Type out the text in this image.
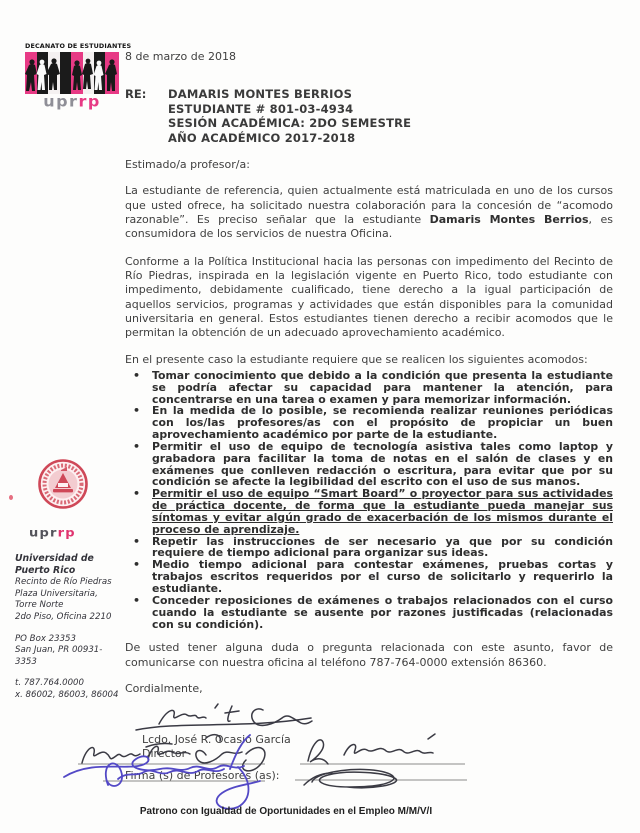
DECANATO DE ESTUDIANTES
uprrp
uprrp
Universidad de Puerto Rico
Recinto de Río Piedras
Plaza Universitaria, Torre Norte
2do Piso, Oficina 2210
PO Box 23353
San Juan, PR 00931-3353
t. 787.764.0000
x. 86002, 86003, 86004
8 de marzo de 2018
RE:	DAMARIS MONTES BERRIOS
ESTUDIANTE # 801-03-4934
SESIÓN ACADÉMICA: 2DO SEMESTRE
AÑO ACADÉMICO 2017-2018
Estimado/a profesor/a:

La estudiante de referencia, quien actualmente está matriculada en uno de los cursos que usted ofrece, ha solicitado nuestra colaboración para la concesión de “acomodo razonable”. Es preciso señalar que la estudiante Damaris Montes Berrios, es consumidora de los servicios de nuestra Oficina.

Conforme a la Política Institucional hacia las personas con impedimento del Recinto de Río Piedras, inspirada en la legislación vigente en Puerto Rico, todo estudiante con impedimento, debidamente cualificado, tiene derecho a la igual participación de aquellos servicios, programas y actividades que están disponibles para la comunidad universitaria en general. Estos estudiantes tienen derecho a recibir acomodos que le permitan la obtención de un adecuado aprovechamiento académico.

En el presente caso la estudiante requiere que se realicen los siguientes acomodos:
• Tomar conocimiento que debido a la condición que presenta la estudiante se podría afectar su capacidad para mantener la atención, para concentrarse en una tarea o examen y para memorizar información.
• En la medida de lo posible, se recomienda realizar reuniones periódicas con los/las profesores/as con el propósito de propiciar un buen aprovechamiento académico por parte de la estudiante.
• Permitir el uso de equipo de tecnología asistiva tales como laptop y grabadora para facilitar la toma de notas en el salón de clases y en exámenes que conlleven redacción o escritura, para evitar que por su condición se afecte la legibilidad del escrito con el uso de sus manos.
• Permitir el uso de equipo “Smart Board” o proyector para sus actividades de práctica docente, de forma que la estudiante pueda manejar sus síntomas y evitar algún grado de exacerbación de los mismos durante el proceso de aprendizaje.
• Repetir las instrucciones de ser necesario ya que por su condición requiere de tiempo adicional para organizar sus ideas.
• Medio tiempo adicional para contestar exámenes, pruebas cortas y trabajos escritos requeridos por el curso de solicitarlo y requerirlo la estudiante.
• Conceder reposiciones de exámenes o trabajos relacionados con el curso cuando la estudiante se ausente por razones justificadas (relacionadas con su condición).

De usted tener alguna duda o pregunta relacionada con este asunto, favor de comunicarse con nuestra oficina al teléfono 787-764-0000 extensión 86360.

Cordialmente,
Lcdo. José R. Ocasio García
Director
Firma (s) de Profesores (as):
Patrono con Igualdad de Oportunidades en el Empleo M/M/V/I
